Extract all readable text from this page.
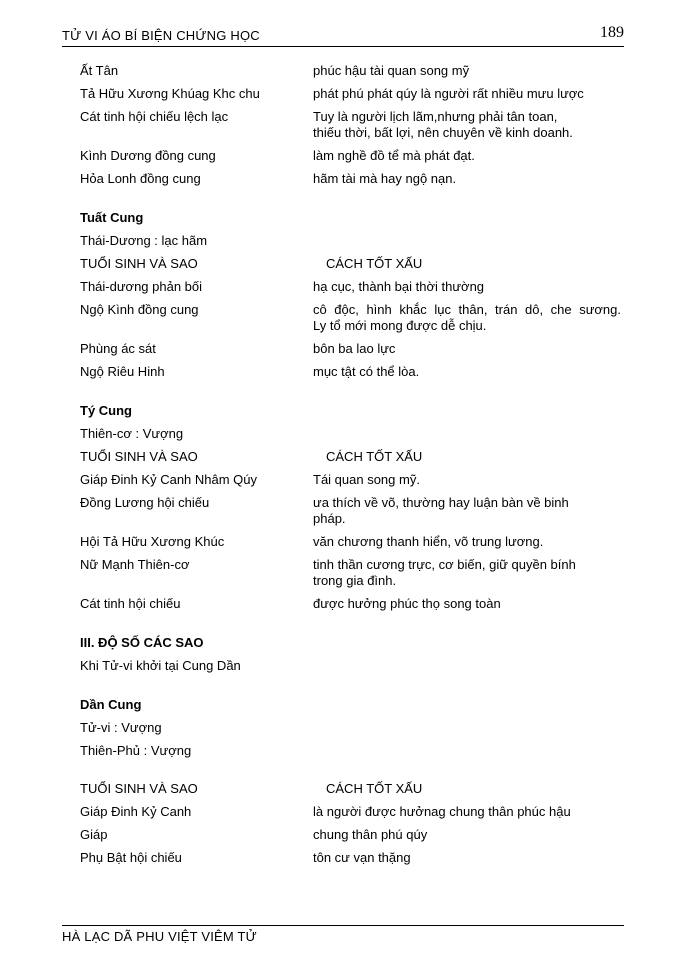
TỬ VI ÁO BÍ BIỆN CHỨNG HỌC	189
Ất Tân	phúc hậu tài quan song mỹ
Tả Hữu Xương Khúag Khc chu	phát phú phát qúy là người rất nhiều mưu lược
Cát tinh hội chiếu lệch lạc	Tuy là người lịch lãm,nhưng phải tân toan,
thiếu thời, bất lợi, nên chuyên về kinh doanh.
Kình Dương đồng cung	làm nghề đồ tể mà phát đạt.
Hỏa Lonh đồng cung	hãm tài mà hay ngộ nạn.
Tuất Cung
Thái-Dương : lạc hãm
TUỔI SINH VÀ SAO	CÁCH TỐT XẤU
Thái-dương phản bối	hạ cục, thành bại thời thường
Ngộ Kình đồng cung	cô độc, hình khắc lục thân, trán dô, che sương.
Ly tổ mới mong được dễ chịu.
Phùng ác sát	bôn ba lao lực
Ngộ Riêu Hinh	mục tật có thể lòa.
Tý Cung
Thiên-cơ : Vượng
TUỔI SINH VÀ SAO	CÁCH TỐT XẤU
Giáp Đinh Kỷ Canh Nhâm Qúy	Tái quan song mỹ.
Đồng Lương hội chiếu	ưa thích về võ, thường hay luận bàn về binh
pháp.
Hội Tả Hữu Xương Khúc	văn chương thanh hiển, võ trung lương.
Nữ Mạnh Thiên-cơ	tinh thần cương trực, cơ biến, giữ quyền bính
trong gia đình.
Cát tinh hội chiếu	được hưởng phúc thọ song toàn
III. ĐỘ SỐ CÁC SAO
Khi Tử-vi khởi tại Cung Dần
Dần Cung
Tử-vi : Vượng
Thiên-Phủ : Vượng
TUỔI SINH VÀ SAO	CÁCH TỐT XẤU
Giáp Đinh Kỷ Canh	là người được hưởnag chung thân phúc hậu
Giáp	chung thân phú qúy
Phụ Bật hội chiếu	tôn cư vạn thặng
HÀ LẠC DÃ PHU VIỆT VIÊM TỬ
